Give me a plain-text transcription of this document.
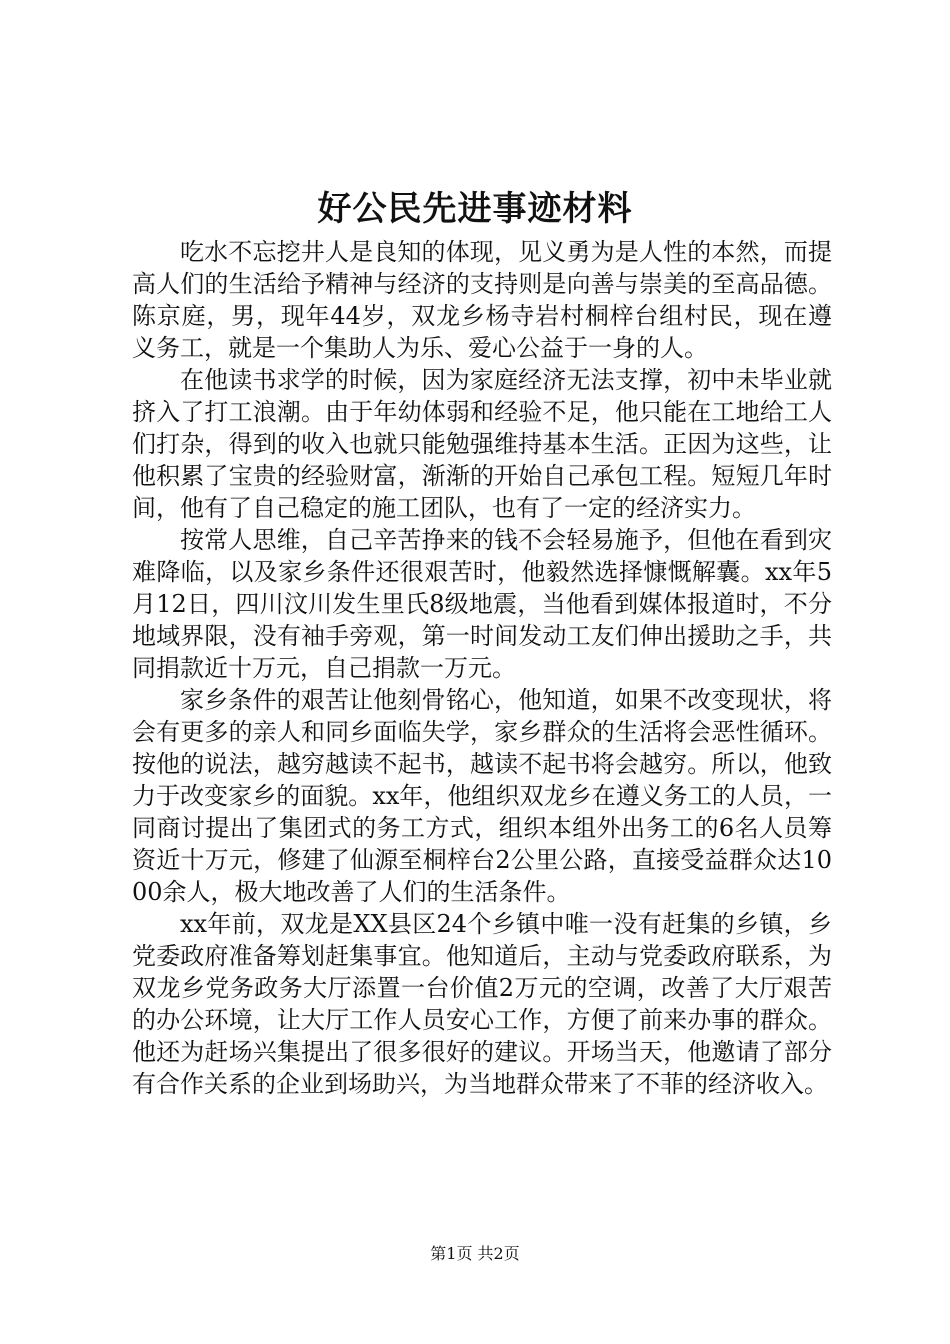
好公民先进事迹材料

吃水不忘挖井人是良知的体现，见义勇为是人性的本然，而提高人们的生活给予精神与经济的支持则是向善与崇美的至高品德。陈京庭，男，现年44岁，双龙乡杨寺岩村桐梓台组村民，现在遵义务工，就是一个集助人为乐、爱心公益于一身的人。

在他读书求学的时候，因为家庭经济无法支撑，初中未毕业就挤入了打工浪潮。由于年幼体弱和经验不足，他只能在工地给工人们打杂，得到的收入也就只能勉强维持基本生活。正因为这些，让他积累了宝贵的经验财富，渐渐的开始自己承包工程。短短几年时间，他有了自己稳定的施工团队，也有了一定的经济实力。

按常人思维，自己辛苦挣来的钱不会轻易施予，但他在看到灾难降临，以及家乡条件还很艰苦时，他毅然选择慷慨解囊。xx年5月12日，四川汶川发生里氏8级地震，当他看到媒体报道时，不分地域界限，没有袖手旁观，第一时间发动工友们伸出援助之手，共同捐款近十万元，自己捐款一万元。

家乡条件的艰苦让他刻骨铭心，他知道，如果不改变现状，将会有更多的亲人和同乡面临失学，家乡群众的生活将会恶性循环。按他的说法，越穷越读不起书，越读不起书将会越穷。所以，他致力于改变家乡的面貌。xx年，他组织双龙乡在遵义务工的人员，一同商讨提出了集团式的务工方式，组织本组外出务工的6名人员筹资近十万元，修建了仙源至桐梓台2公里公路，直接受益群众达1000余人，极大地改善了人们的生活条件。

xx年前，双龙是XX县区24个乡镇中唯一没有赶集的乡镇，乡党委政府准备筹划赶集事宜。他知道后，主动与党委政府联系，为双龙乡党务政务大厅添置一台价值2万元的空调，改善了大厅艰苦的办公环境，让大厅工作人员安心工作，方便了前来办事的群众。他还为赶场兴集提出了很多很好的建议。开场当天，他邀请了部分有合作关系的企业到场助兴，为当地群众带来了不菲的经济收入。

第1页 共2页
